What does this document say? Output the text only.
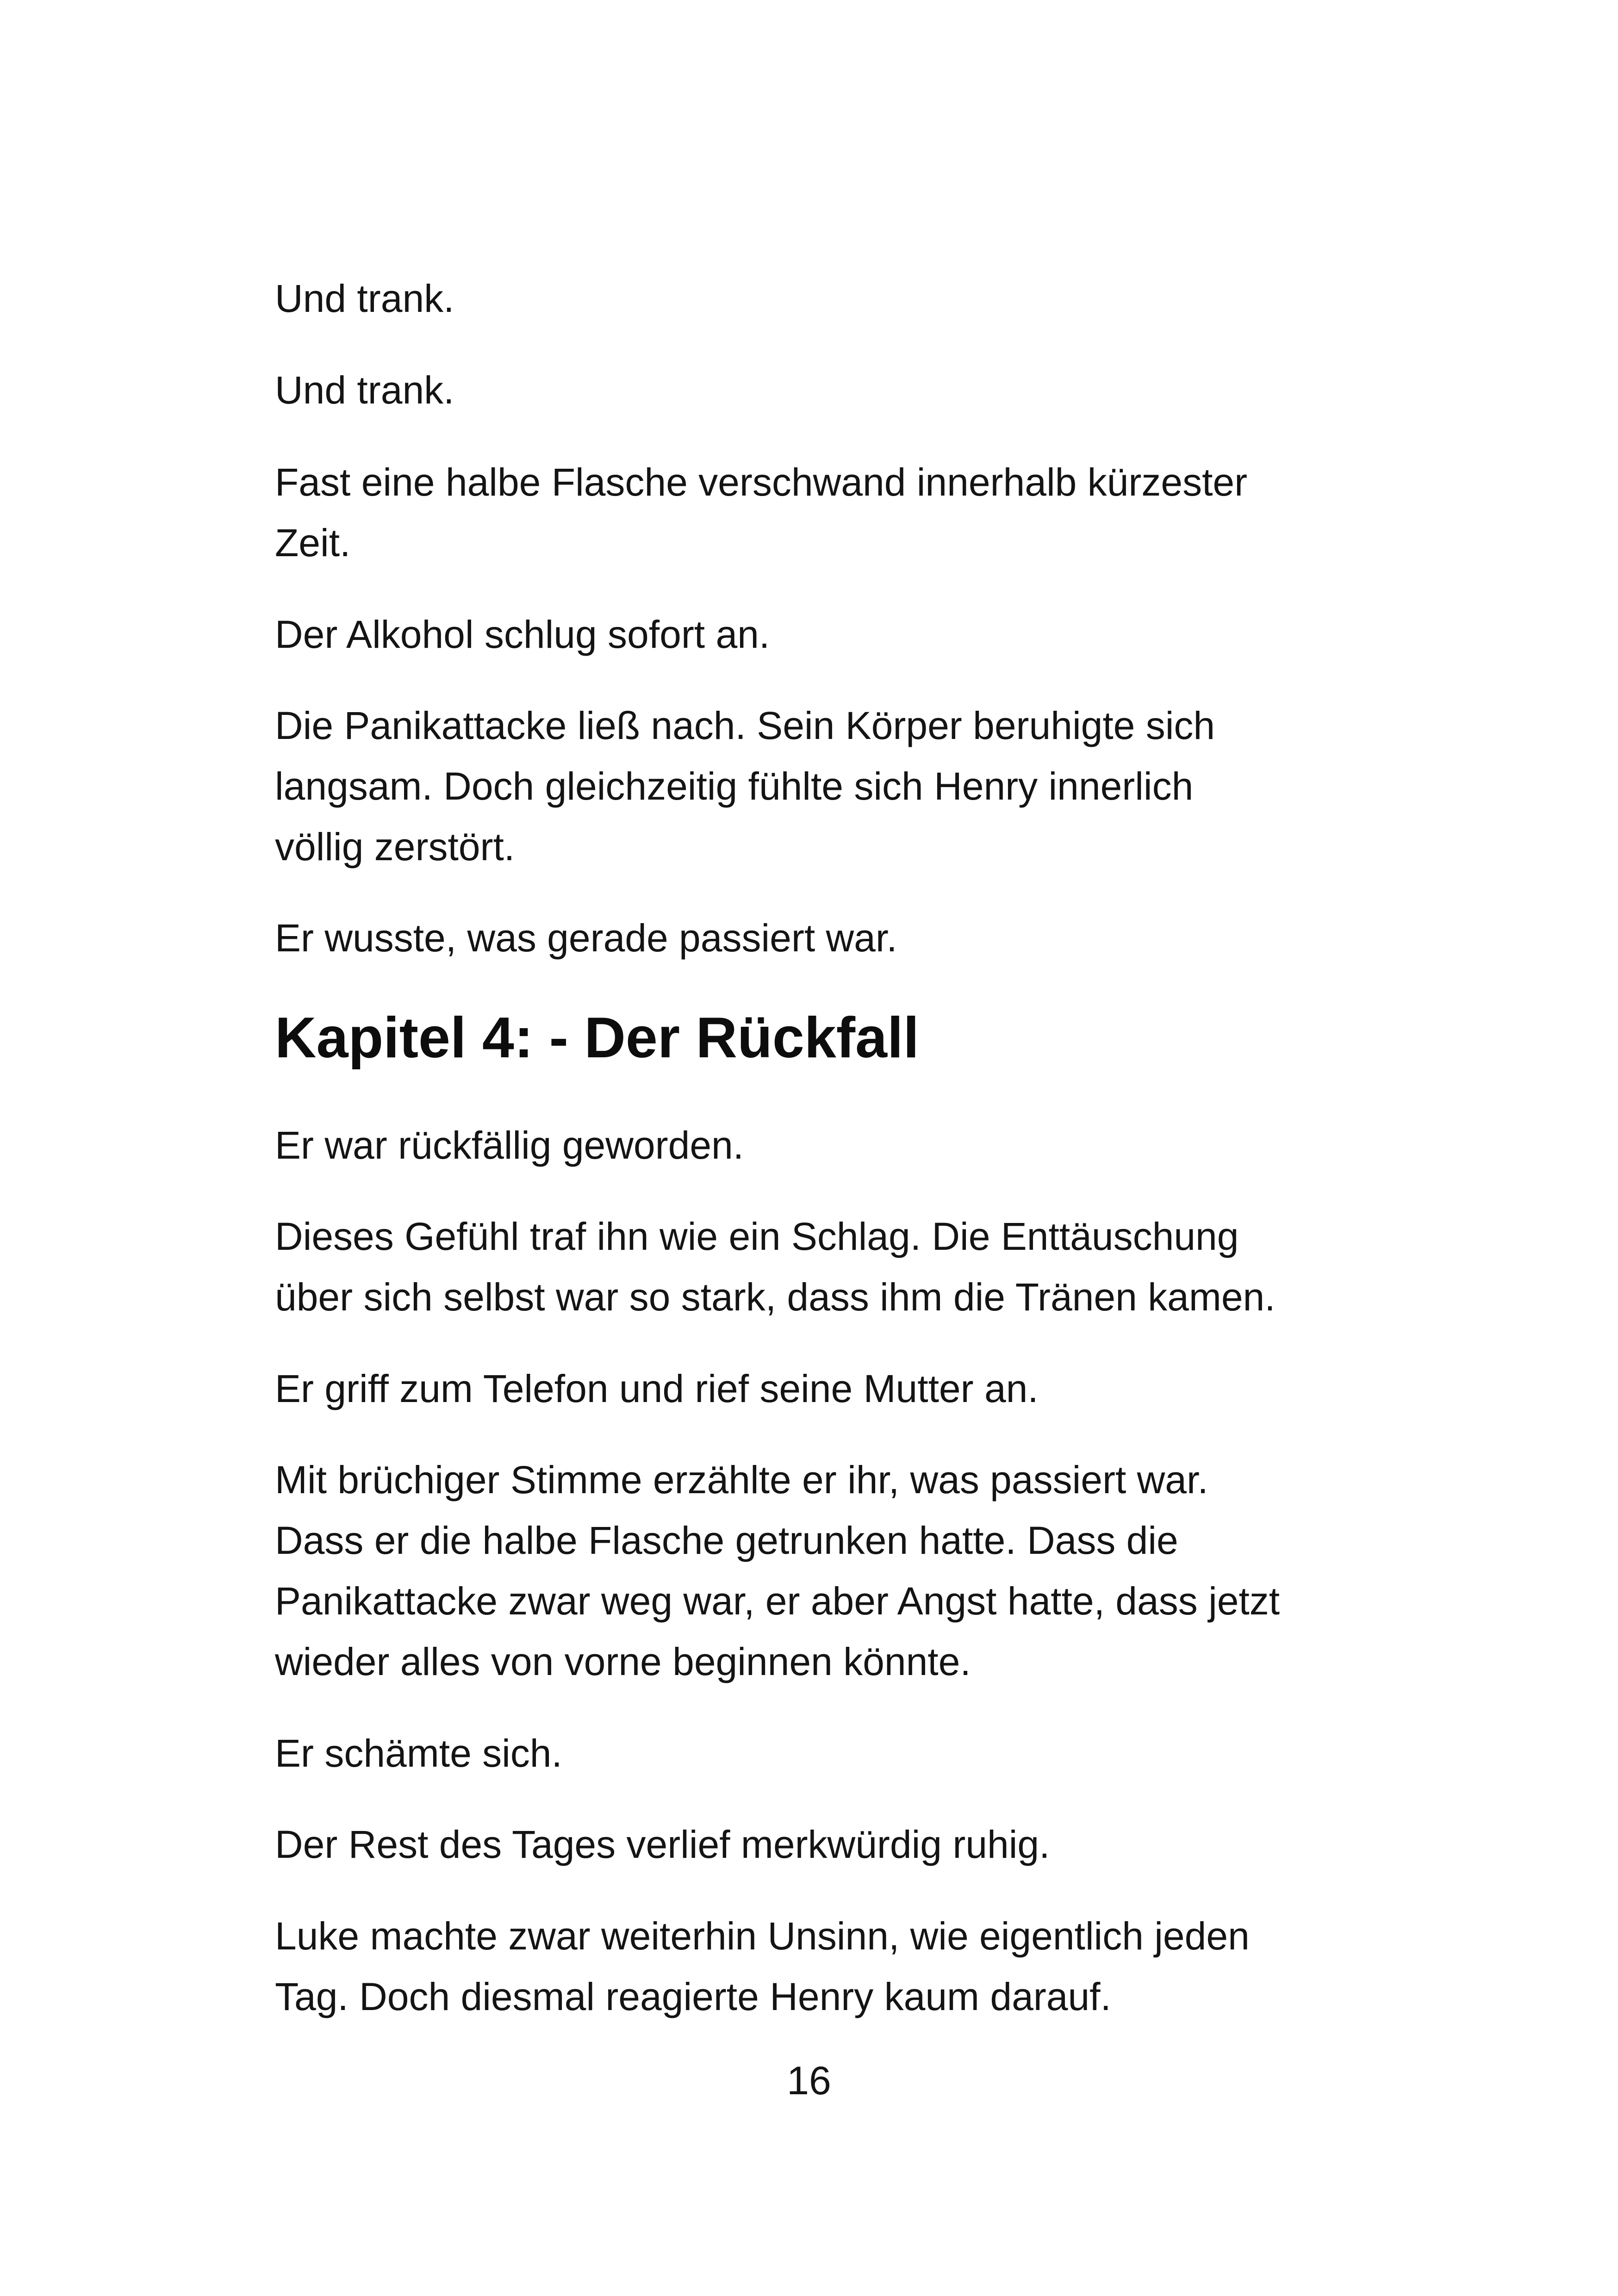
Und trank.

Und trank.

Fast eine halbe Flasche verschwand innerhalb kürzester
Zeit.

Der Alkohol schlug sofort an.

Die Panikattacke ließ nach. Sein Körper beruhigte sich
langsam. Doch gleichzeitig fühlte sich Henry innerlich
völlig zerstört.

Er wusste, was gerade passiert war.

Kapitel 4: - Der Rückfall

Er war rückfällig geworden.

Dieses Gefühl traf ihn wie ein Schlag. Die Enttäuschung
über sich selbst war so stark, dass ihm die Tränen kamen.

Er griff zum Telefon und rief seine Mutter an.

Mit brüchiger Stimme erzählte er ihr, was passiert war.
Dass er die halbe Flasche getrunken hatte. Dass die
Panikattacke zwar weg war, er aber Angst hatte, dass jetzt
wieder alles von vorne beginnen könnte.

Er schämte sich.

Der Rest des Tages verlief merkwürdig ruhig.

Luke machte zwar weiterhin Unsinn, wie eigentlich jeden
Tag. Doch diesmal reagierte Henry kaum darauf.

16
